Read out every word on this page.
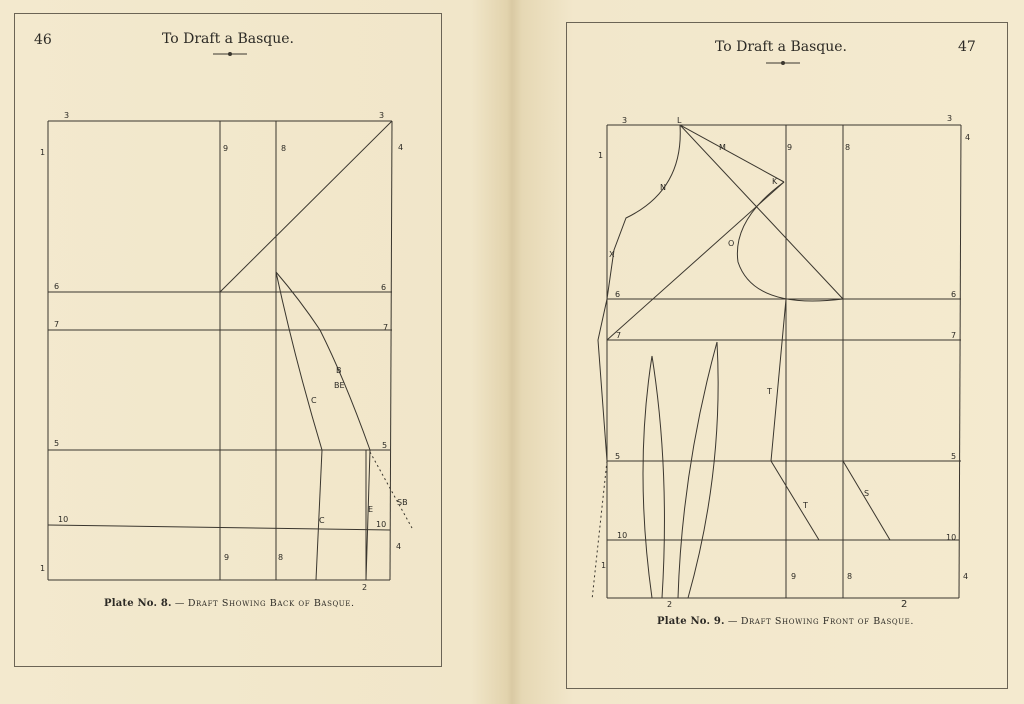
46	To Draft a Basque.
3	3
1
4
9	8
6	6
7	7
B
BE
C
5	5
SB
E
10
10
C
4
9	8
1
2
Plate No. 8. — Draft Showing Back of Basque.
47
To Draft a Basque.
3	L
9	8
3
4
1
M
K
N
O
X
6	6
7	7
T
5	5
T
S
10	10
1
9	8	4
2	2
Plate No. 9. — Draft Showing Front of Basque.
